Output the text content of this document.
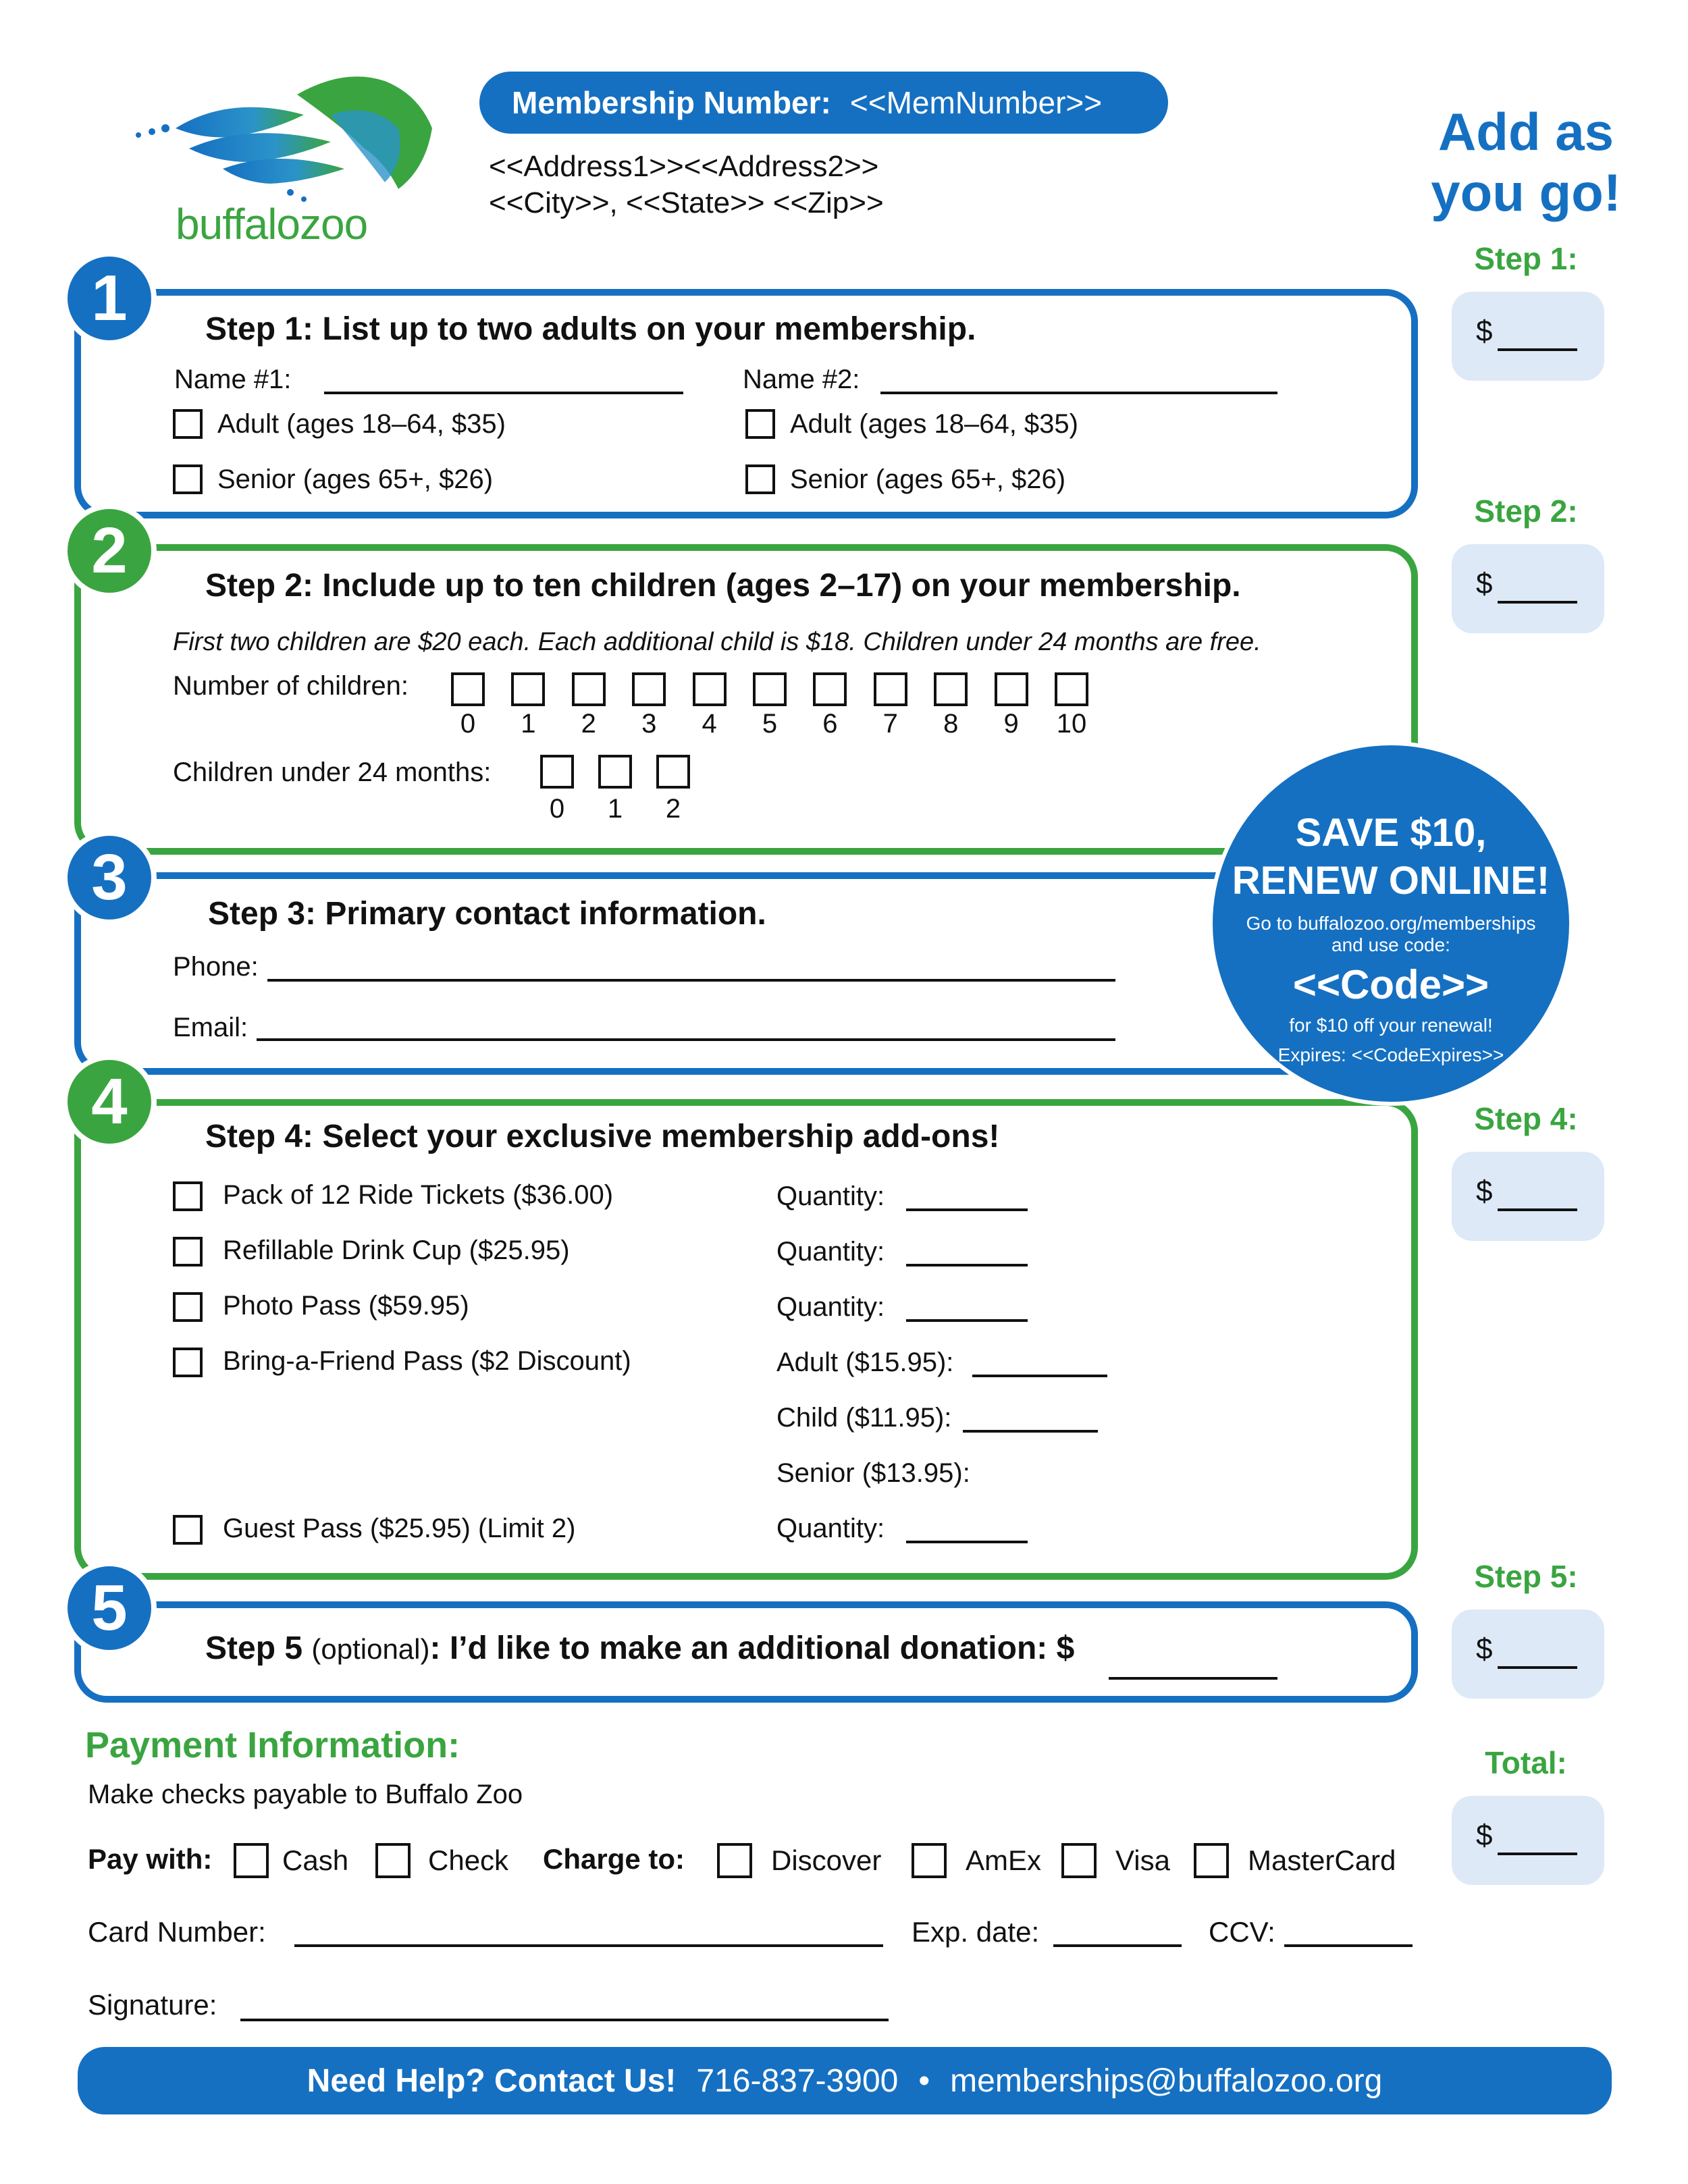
buffalozoo
Membership Number: <<MemNumber>>
<<Address1>><<Address2>>
<<City>>, <<State>> <<Zip>>
Add as
you go!
1	Step 1: List up to two adults on your membership.
Name #1:	Name #2:
Adult (ages 18–64, $35)
Senior (ages 65+, $26)
Adult (ages 18–64, $35)
Senior (ages 65+, $26)
2	Step 2: Include up to ten children (ages 2–17) on your membership.
First two children are $20 each. Each additional child is $18. Children under 24 months are free.
Number of children:
0	1	2	3	4	5	6	7	8	9	10
Children under 24 months:
0	1	2
3
Step 3: Primary contact information.
Phone:
Email:
4	Step 4: Select your exclusive membership add-ons!
Pack of 12 Ride Tickets ($36.00)	Quantity:
Refillable Drink Cup ($25.95)	Quantity:
Photo Pass ($59.95)	Quantity:
Bring-a-Friend Pass ($2 Discount)	Adult ($15.95):
Child ($11.95):
Senior ($13.95):
Guest Pass ($25.95) (Limit 2)	Quantity:
5
Step 5 (optional): I’d like to make an additional donation: $
SAVE $10,
RENEW ONLINE!
Go to buffalozoo.org/memberships
and use code:
<<Code>>
for $10 off your renewal!
Expires: <<CodeExpires>>
Step 1:
$
Step 2:
$
Step 4:
$
Step 5:
$
Total:
$
Payment Information:
Make checks payable to Buffalo Zoo
Pay with: Cash	Check Charge to:	Discover	AmEx	Visa	MasterCard
Card Number:	Exp. date:	CCV:
Signature:
Need Help? Contact Us! 716-837-3900 • memberships@buffalozoo.org
